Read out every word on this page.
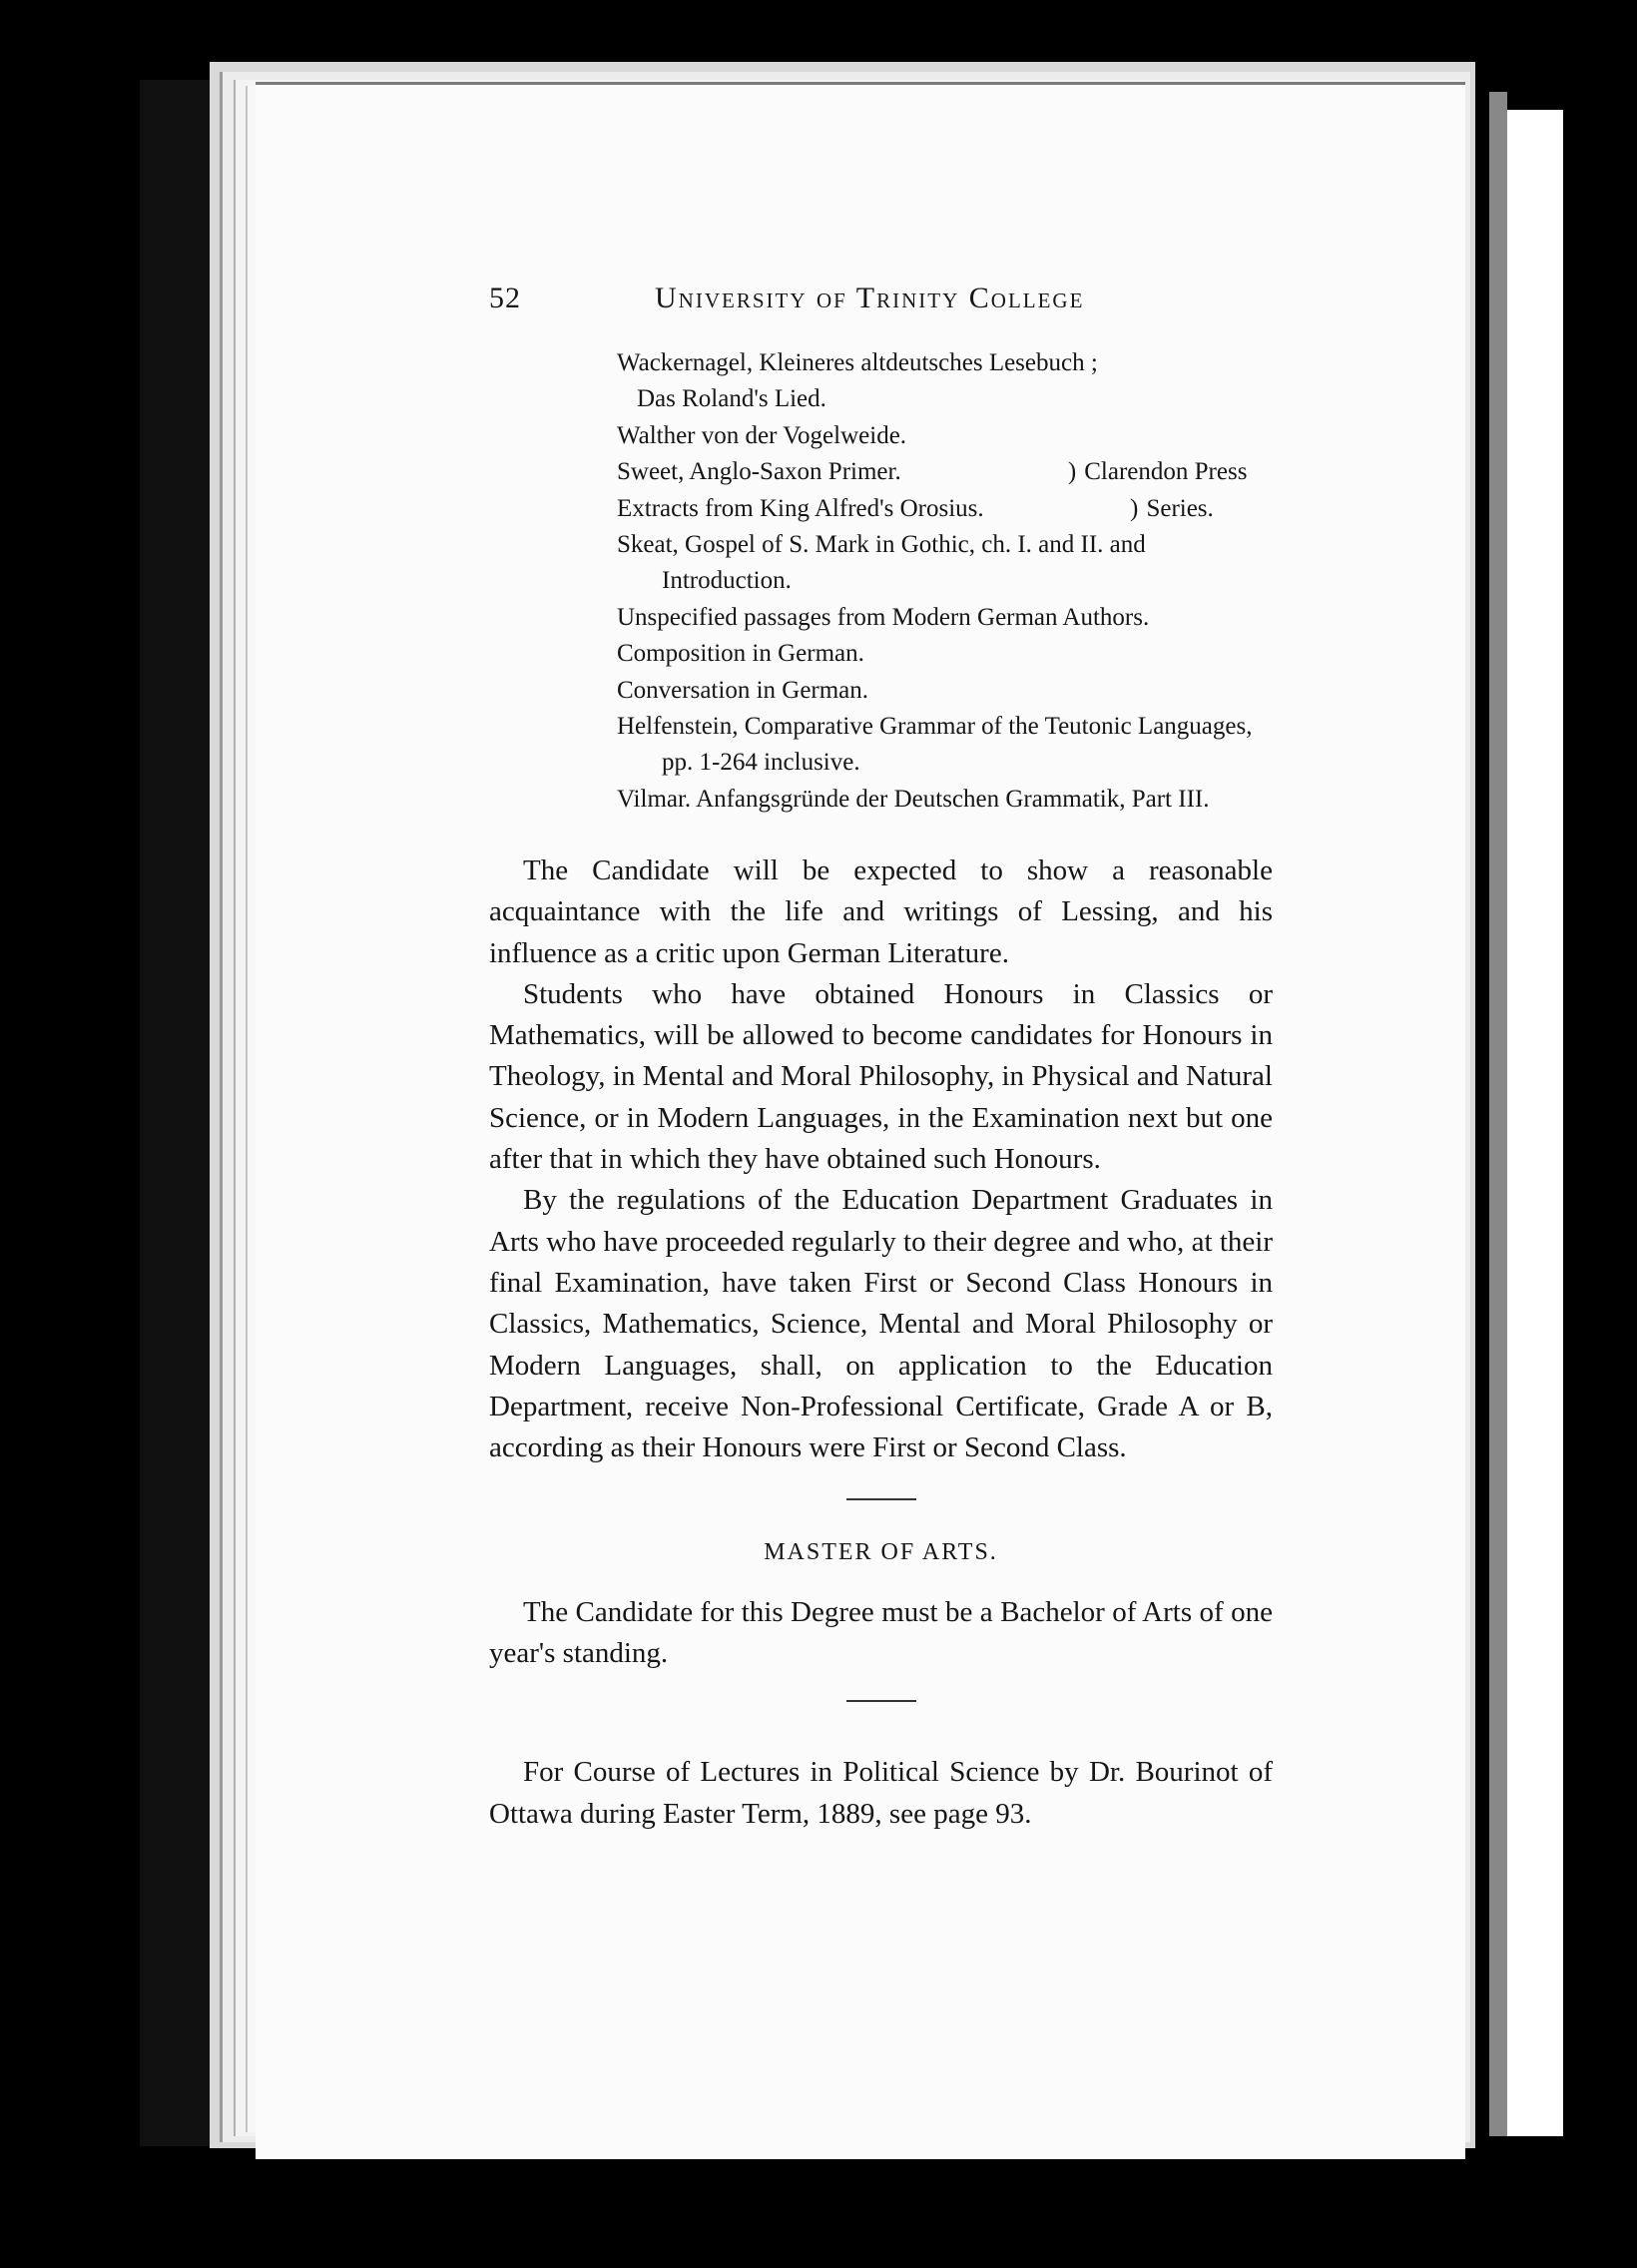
52	University of Trinity College

Wackernagel, Kleineres altdeutsches Lesebuch ;

Das Roland's Lied.

Walther von der Vogelweide.

Sweet, Anglo-Saxon Primer.	) Clarendon Press
Extracts from King Alfred's Orosius.	) Series.

Skeat, Gospel of S. Mark in Gothic, ch. I. and II. and Introduction.

Unspecified passages from Modern German Authors.

Composition in German.

Conversation in German.

Helfenstein, Comparative Grammar of the Teutonic Languages, pp. 1-264 inclusive.

Vilmar. Anfangsgründe der Deutschen Grammatik, Part III.

The Candidate will be expected to show a reasonable acquaintance with the life and writings of Lessing, and his influence as a critic upon German Literature.

Students who have obtained Honours in Classics or Mathematics, will be allowed to become candidates for Honours in Theology, in Mental and Moral Philosophy, in Physical and Natural Science, or in Modern Languages, in the Examination next but one after that in which they have obtained such Honours.

By the regulations of the Education Department Graduates in Arts who have proceeded regularly to their degree and who, at their final Examination, have taken First or Second Class Honours in Classics, Mathematics, Science, Mental and Moral Philosophy or Modern Languages, shall, on application to the Education Department, receive Non-Professional Certificate, Grade A or B, according as their Honours were First or Second Class.

MASTER OF ARTS.

The Candidate for this Degree must be a Bachelor of Arts of one year's standing.

For Course of Lectures in Political Science by Dr. Bourinot of Ottawa during Easter Term, 1889, see page 93.
